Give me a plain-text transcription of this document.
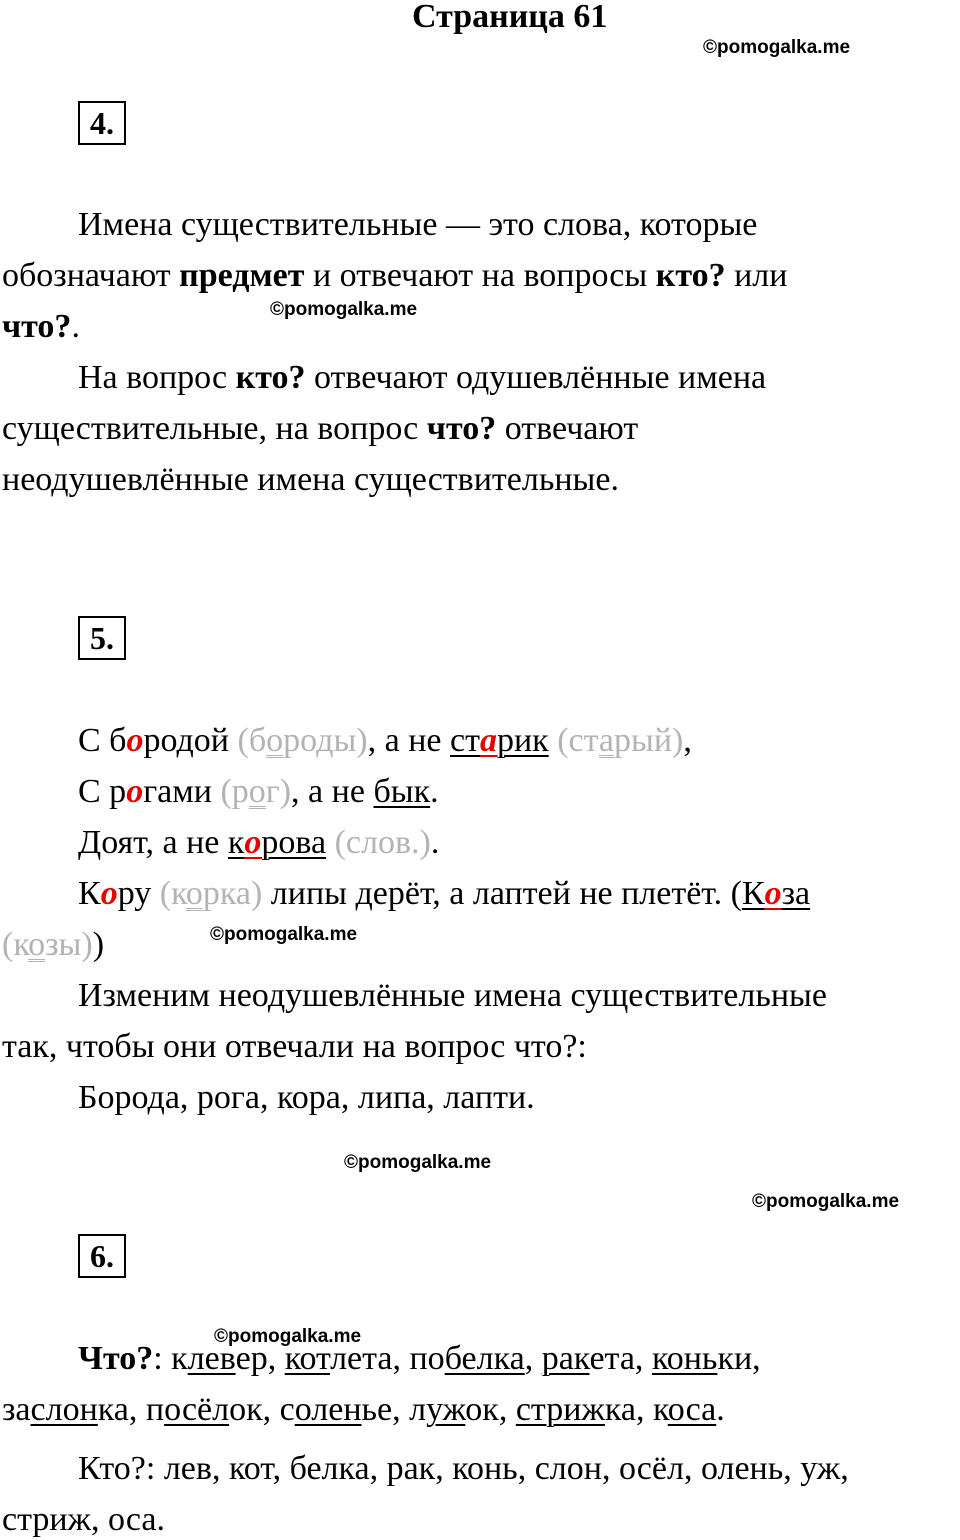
Страница 61
©pomogalka.me
4.
Имена существительные — это слова, которые
обозначают предмет и отвечают на вопросы кто? или
©pomogalka.me
что?.
На вопрос кто? отвечают одушевлённые имена
существительные, на вопрос что? отвечают
неодушевлённые имена существительные.
5.
С бородой (бороды), а не старик (старый),
С рогами (рог), а не бык.
Доят, а не корова (слов.).
Кору (корка) липы дерёт, а лаптей не плетёт. (Коза
©pomogalka.me
(козы))
Изменим неодушевлённые имена существительные
так, чтобы они отвечали на вопрос что?:
Борода, рога, кора, липа, лапти.
©pomogalka.me
©pomogalka.me
6.
©pomogalka.me
Что?: клевер, котлета, побелка, ракета, коньки,
заслонка, посёлок, соленье, лужок, стрижка, коса.
Кто?: лев, кот, белка, рак, конь, слон, осёл, олень, уж,
стриж, оса.
